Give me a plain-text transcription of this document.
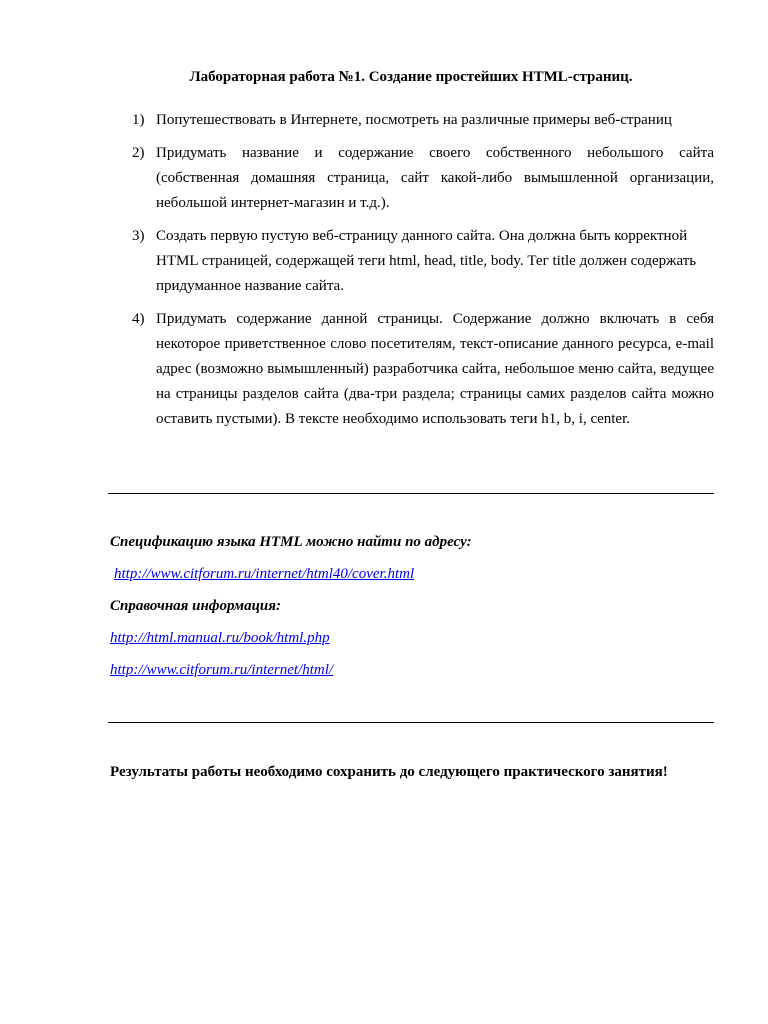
Лабораторная работа №1. Создание простейших HTML-страниц.
1) Попутешествовать в Интернете, посмотреть на различные примеры веб-страниц
2) Придумать название и содержание своего собственного небольшого сайта (собственная домашняя страница, сайт какой-либо вымышленной организации, небольшой интернет-магазин и т.д.).
3) Создать первую пустую веб-страницу данного сайта. Она должна быть корректной HTML страницей, содержащей теги html, head, title, body. Тег title должен содержать придуманное название сайта.
4) Придумать содержание данной страницы. Содержание должно включать в себя некоторое приветственное слово посетителям, текст-описание данного ресурса, e-mail адрес (возможно вымышленный) разработчика сайта, небольшое меню сайта, ведущее на страницы разделов сайта (два-три раздела; страницы самих разделов сайта можно оставить пустыми). В тексте необходимо использовать теги h1, b, i, center.
Спецификацию языка HTML можно найти по адресу:
http://www.citforum.ru/internet/html40/cover.html
Справочная информация:
http://html.manual.ru/book/html.php
http://www.citforum.ru/internet/html/
Результаты работы необходимо сохранить до следующего практического занятия!
